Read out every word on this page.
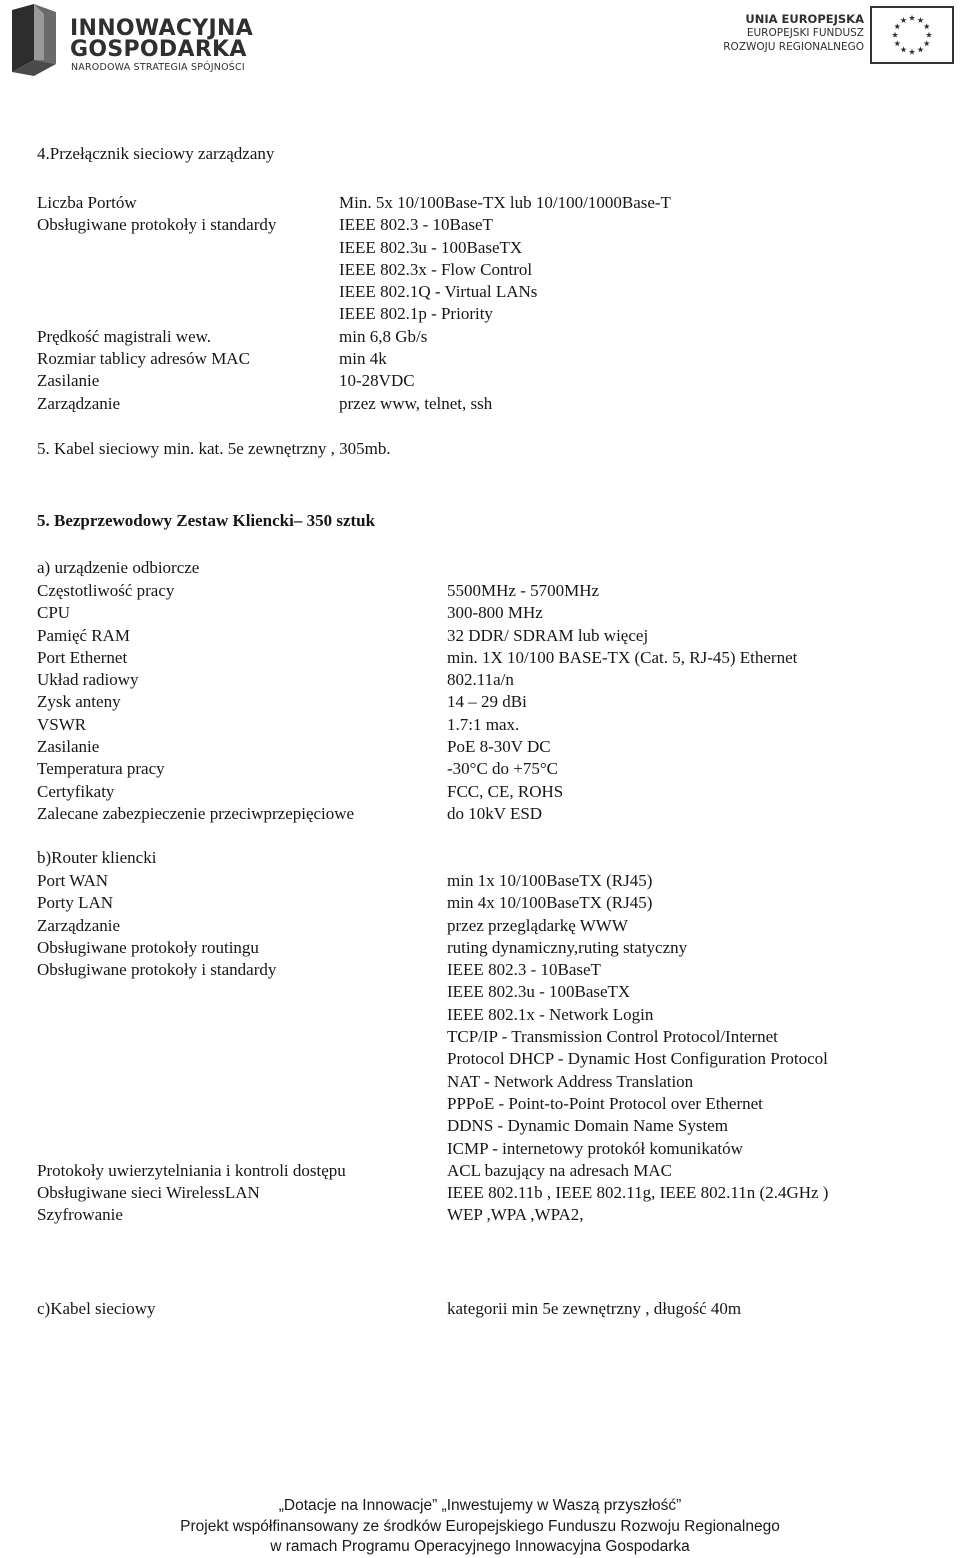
INNOWACYJNA
GOSPODARKA
NARODOWA STRATEGIA SPÓJNOŚCI
UNIA EUROPEJSKA
EUROPEJSKI FUNDUSZ
ROZWOJU REGIONALNEGO

4.Przełącznik sieciowy zarządzany

Liczba Portów
Obsługiwane protokoły i standardy
Prędkość magistrali wew.
Rozmiar tablicy adresów MAC
Zasilanie
Zarządzanie
Min. 5x 10/100Base-TX lub 10/100/1000Base-T
IEEE 802.3 - 10BaseT
IEEE 802.3u - 100BaseTX
IEEE 802.3x - Flow Control
IEEE 802.1Q - Virtual LANs
IEEE 802.1p - Priority
min 6,8 Gb/s
min 4k
10-28VDC
przez www, telnet, ssh

5. Kabel sieciowy min. kat. 5e zewnętrzny , 305mb.

5. Bezprzewodowy Zestaw Kliencki– 350 sztuk

a) urządzenie odbiorcze

Częstotliwość pracy
CPU
Pamięć RAM
Port Ethernet
Układ radiowy
Zysk anteny
VSWR
Zasilanie
Temperatura pracy
Certyfikaty
Zalecane zabezpieczenie przeciwprzepięciowe
5500MHz - 5700MHz
300-800 MHz
32 DDR/ SDRAM lub więcej
min. 1X 10/100 BASE-TX (Cat. 5, RJ-45) Ethernet
802.11a/n
14 – 29 dBi
1.7:1 max.
PoE 8-30V DC
-30°C do +75°C
FCC, CE, ROHS
do 10kV ESD

b)Router kliencki

Port WAN
Porty LAN
Zarządzanie
Obsługiwane protokoły routingu
Obsługiwane protokoły i standardy
Protokoły uwierzytelniania i kontroli dostępu
Obsługiwane sieci WirelessLAN
Szyfrowanie
min 1x 10/100BaseTX (RJ45)
min 4x 10/100BaseTX (RJ45)
przez przeglądarkę WWW
ruting dynamiczny,ruting statyczny
IEEE 802.3 - 10BaseT
IEEE 802.3u - 100BaseTX
IEEE 802.1x - Network Login
TCP/IP - Transmission Control Protocol/Internet
Protocol DHCP - Dynamic Host Configuration Protocol
NAT - Network Address Translation
PPPoE - Point-to-Point Protocol over Ethernet
DDNS - Dynamic Domain Name System
ICMP - internetowy protokół komunikatów
ACL bazujący na adresach MAC
IEEE 802.11b , IEEE 802.11g, IEEE 802.11n (2.4GHz )
WEP ,WPA ,WPA2,

c)Kabel sieciowy	kategorii min 5e zewnętrzny , długość 40m

„Dotacje na Innowacje” „Inwestujemy w Waszą przyszłość”
Projekt współfinansowany ze środków Europejskiego Funduszu Rozwoju Regionalnego
w ramach Programu Operacyjnego Innowacyjna Gospodarka
